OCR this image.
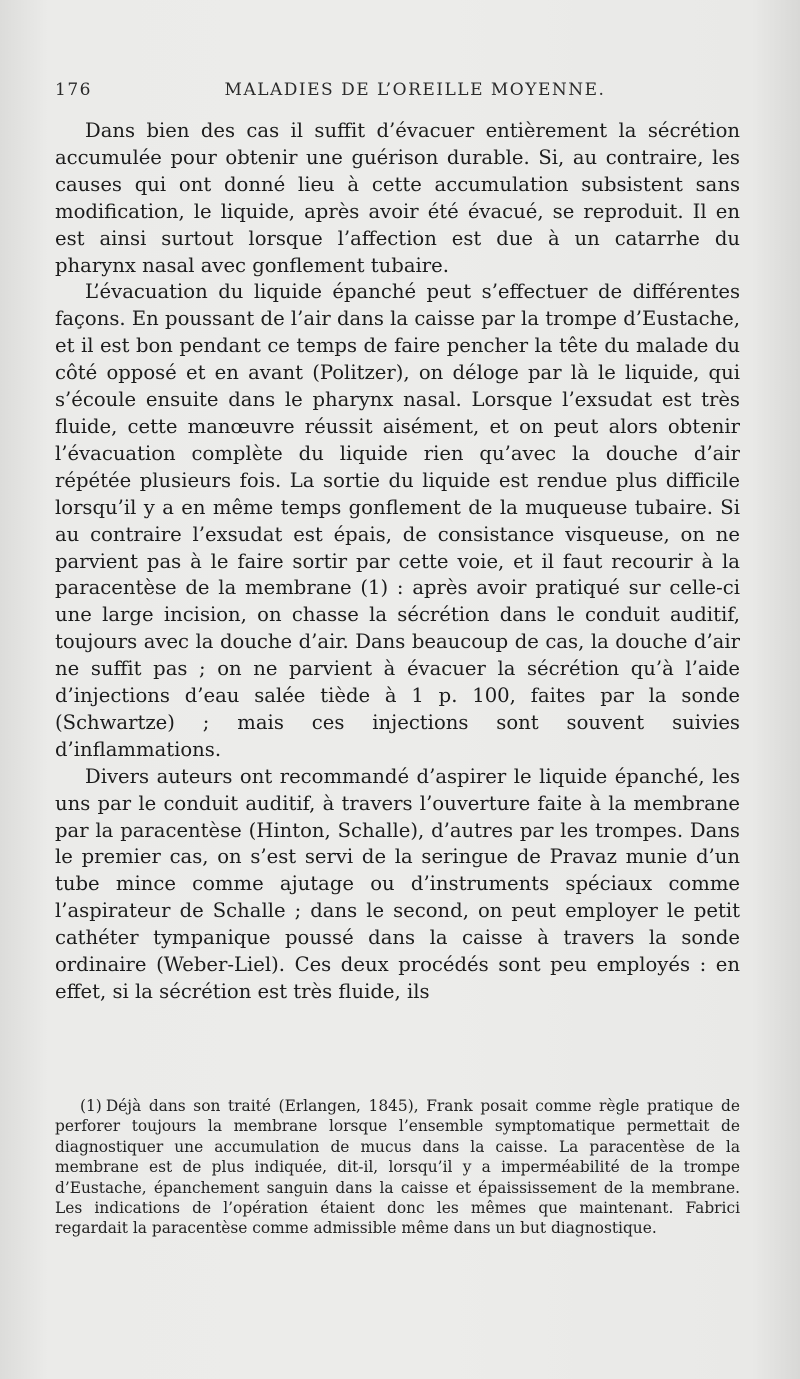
176	MALADIES DE L’OREILLE MOYENNE.

Dans bien des cas il suffit d’évacuer entièrement la sécrétion accumulée pour obtenir une guérison durable. Si, au contraire, les causes qui ont donné lieu à cette accumulation subsistent sans modification, le liquide, après avoir été évacué, se reproduit. Il en est ainsi surtout lorsque l’affection est due à un catarrhe du pharynx nasal avec gonflement tubaire.

L’évacuation du liquide épanché peut s’effectuer de différentes façons. En poussant de l’air dans la caisse par la trompe d’Eustache, et il est bon pendant ce temps de faire pencher la tête du malade du côté opposé et en avant (Politzer), on déloge par là le liquide, qui s’écoule ensuite dans le pharynx nasal. Lorsque l’exsudat est très fluide, cette manœuvre réussit aisément, et on peut alors obtenir l’évacuation complète du liquide rien qu’avec la douche d’air répétée plusieurs fois. La sortie du liquide est rendue plus difficile lorsqu’il y a en même temps gonflement de la muqueuse tubaire. Si au contraire l’exsudat est épais, de consistance visqueuse, on ne parvient pas à le faire sortir par cette voie, et il faut recourir à la paracentèse de la membrane (1) : après avoir pratiqué sur celle-ci une large incision, on chasse la sécrétion dans le conduit auditif, toujours avec la douche d’air. Dans beaucoup de cas, la douche d’air ne suffit pas ; on ne parvient à évacuer la sécrétion qu’à l’aide d’injections d’eau salée tiède à 1 p. 100, faites par la sonde (Schwartze) ; mais ces injections sont souvent suivies d’inflammations.

Divers auteurs ont recommandé d’aspirer le liquide épanché, les uns par le conduit auditif, à travers l’ouverture faite à la membrane par la paracentèse (Hinton, Schalle), d’autres par les trompes. Dans le premier cas, on s’est servi de la seringue de Pravaz munie d’un tube mince comme ajutage ou d’instruments spéciaux comme l’aspirateur de Schalle ; dans le second, on peut employer le petit cathéter tympanique poussé dans la caisse à travers la sonde ordinaire (Weber-Liel). Ces deux procédés sont peu employés : en effet, si la sécrétion est très fluide, ils

(1) Déjà dans son traité (Erlangen, 1845), Frank posait comme règle pratique de perforer toujours la membrane lorsque l’ensemble symptomatique permettait de diagnostiquer une accumulation de mucus dans la caisse. La paracentèse de la membrane est de plus indiquée, dit-il, lorsqu’il y a imperméabilité de la trompe d’Eustache, épanchement sanguin dans la caisse et épaississement de la membrane. Les indications de l’opération étaient donc les mêmes que maintenant. Fabrici regardait la paracentèse comme admissible même dans un but diagnostique.
